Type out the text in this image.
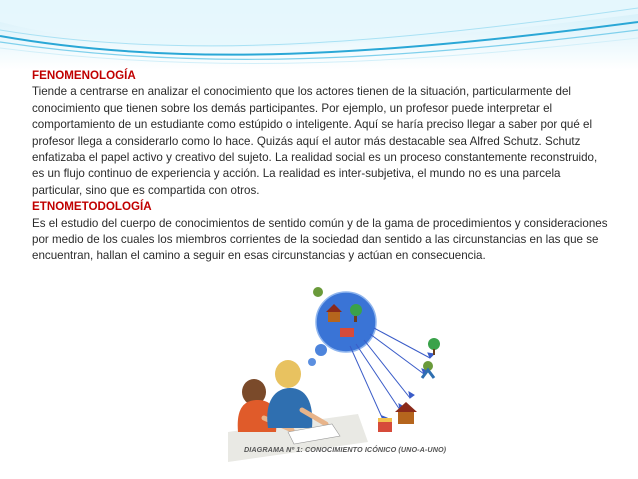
FENOMENOLOGÍA
Tiende a centrarse en analizar el conocimiento que los actores tienen de la situación, particularmente del conocimiento que tienen sobre los demás participantes. Por ejemplo, un profesor puede interpretar el comportamiento de un estudiante como estúpido o inteligente. Aquí se haría preciso llegar a saber por qué el profesor llega a considerarlo como lo hace. Quizás aquí el autor más destacable sea Alfred Schutz. Schutz enfatizaba el papel activo y creativo del sujeto. La realidad social es un proceso constantemente reconstruido, es un flujo continuo de experiencia y acción. La realidad es inter-subjetiva, el mundo no es una parcela particular, sino que es compartida con otros.
ETNOMETODOLOGÍA
Es el estudio del cuerpo de conocimientos de sentido común y de la gama de procedimientos y consideraciones por medio de los cuales los miembros corrientes de la sociedad dan sentido a las circunstancias en las que se encuentran, hallan el camino a seguir en esas circunstancias y actúan en consecuencia.
DIAGRAMA Nº 1: CONOCIMIENTO ICÓNICO (UNO-A-UNO)
